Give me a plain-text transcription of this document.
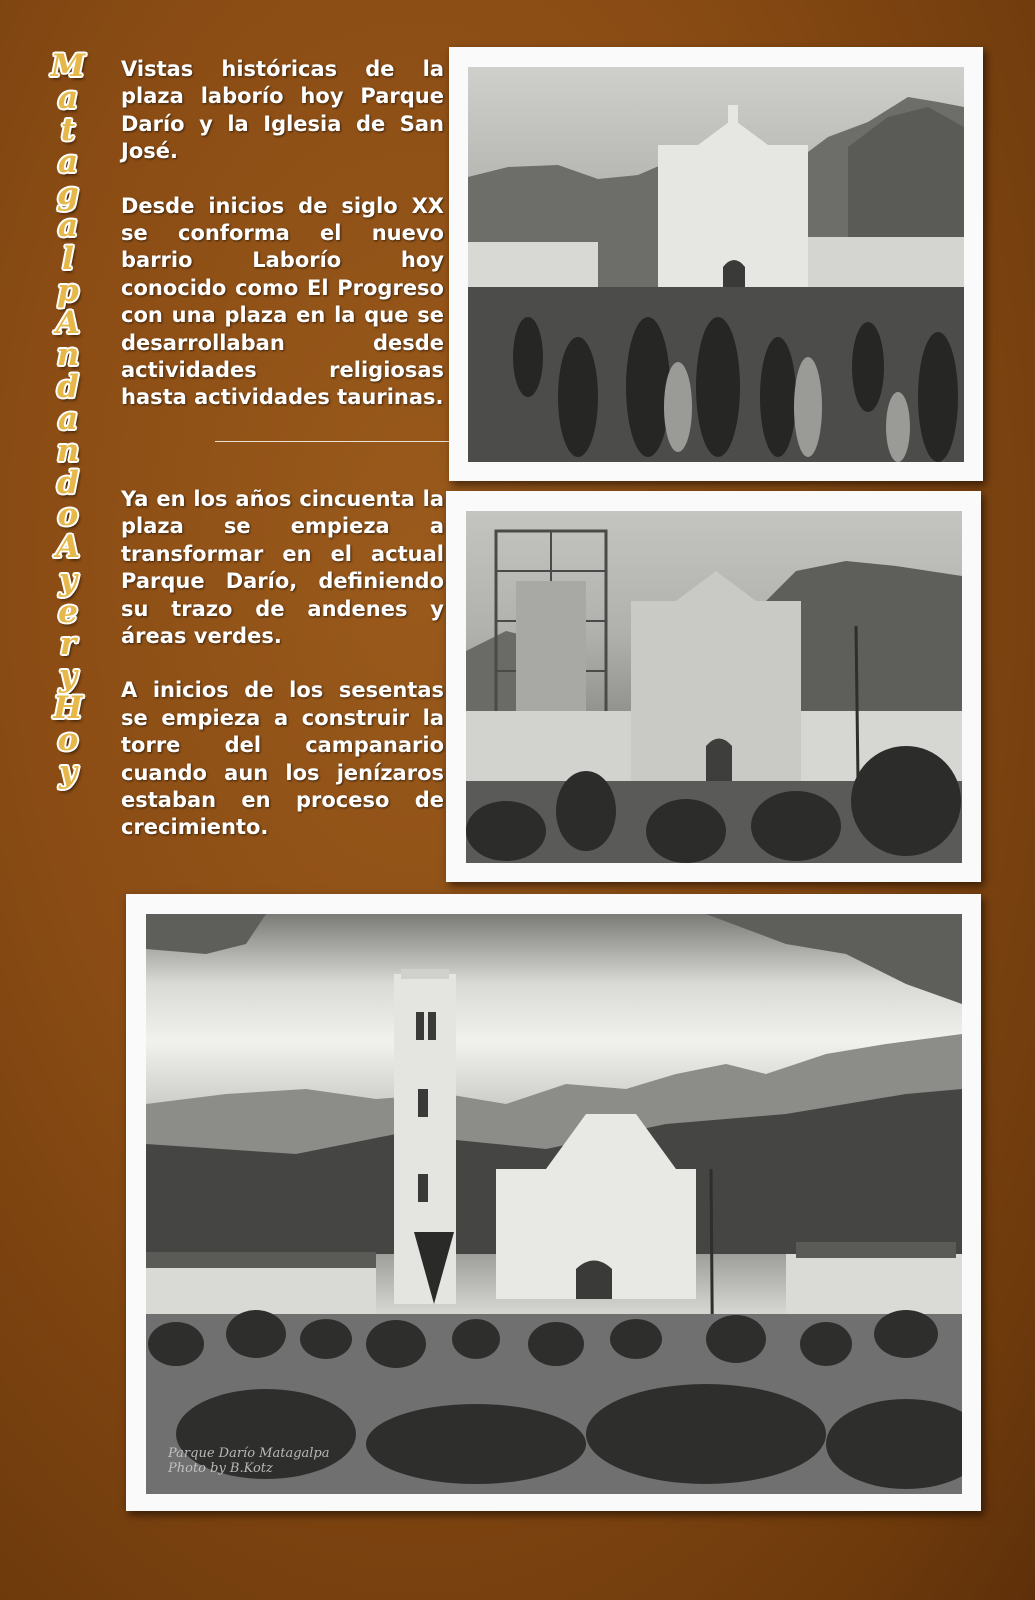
M
a
t
a
g
a
l
p
A
n
d
a
n
d
o
A
y
e
r
y
H
o
y

Vistas históricas de la plaza laborío hoy Parque Darío y la Iglesia de San José.

Desde inicios de siglo XX se conforma el nuevo barrio Laborío hoy conocido como El Progreso con una plaza en la que se desarrollaban desde actividades religiosas hasta actividades taurinas.

Ya en los años cincuenta la plaza se empieza a transformar en el actual Parque Darío, definiendo su trazo de andenes y áreas verdes.

A inicios de los sesentas se empieza a construir la torre del campanario cuando aun los jenízaros estaban en proceso de crecimiento.

Parque Darío Matagalpa
Photo by B.Kotz
